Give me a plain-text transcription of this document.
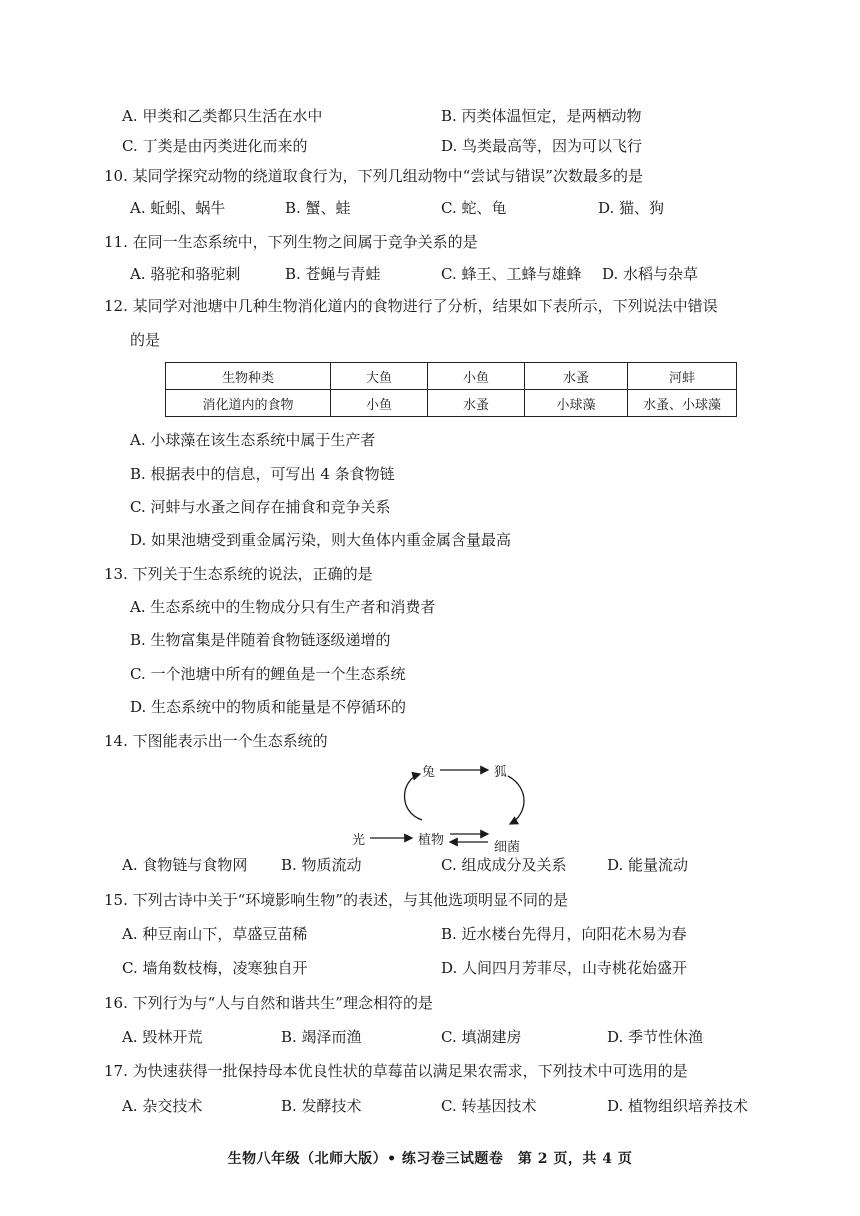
A. 甲类和乙类都只生活在水中	B. 丙类体温恒定，是两栖动物
C. 丁类是由丙类进化而来的	D. 鸟类最高等，因为可以飞行
10. 某同学探究动物的绕道取食行为，下列几组动物中“尝试与错误”次数最多的是
A. 蚯蚓、蜗牛	B. 蟹、蛙	C. 蛇、龟	D. 猫、狗
11. 在同一生态系统中，下列生物之间属于竞争关系的是
A. 骆驼和骆驼刺	B. 苍蝇与青蛙	C. 蜂王、工蜂与雄蜂 D. 水稻与杂草
12. 某同学对池塘中几种生物消化道内的食物进行了分析，结果如下表所示，下列说法中错误
的是
生物种类	大鱼	小鱼	水蚤	河蚌
消化道内的食物	小鱼	水蚤	小球藻	水蚤、小球藻
A. 小球藻在该生态系统中属于生产者
B. 根据表中的信息，可写出 4 条食物链
C. 河蚌与水蚤之间存在捕食和竞争关系
D. 如果池塘受到重金属污染，则大鱼体内重金属含量最高
13. 下列关于生态系统的说法，正确的是
A. 生态系统中的生物成分只有生产者和消费者
B. 生物富集是伴随着食物链逐级递增的
C. 一个池塘中所有的鲤鱼是一个生态系统
D. 生态系统中的物质和能量是不停循环的
14. 下图能表示出一个生态系统的
兔	狐
光	植物	细菌
A. 食物链与食物网 B. 物质流动	C. 组成成分及关系	D. 能量流动
15. 下列古诗中关于“环境影响生物”的表述，与其他选项明显不同的是
A. 种豆南山下，草盛豆苗稀	B. 近水楼台先得月，向阳花木易为春
C. 墙角数枝梅，凌寒独自开	D. 人间四月芳菲尽，山寺桃花始盛开
16. 下列行为与“人与自然和谐共生”理念相符的是
A. 毁林开荒	B. 竭泽而渔	C. 填湖建房	D. 季节性休渔
17. 为快速获得一批保持母本优良性状的草莓苗以满足果农需求，下列技术中可选用的是
A. 杂交技术	B. 发酵技术	C. 转基因技术	D. 植物组织培养技术
生物八年级（北师大版）• 练习卷三试题卷　第 2 页，共 4 页
